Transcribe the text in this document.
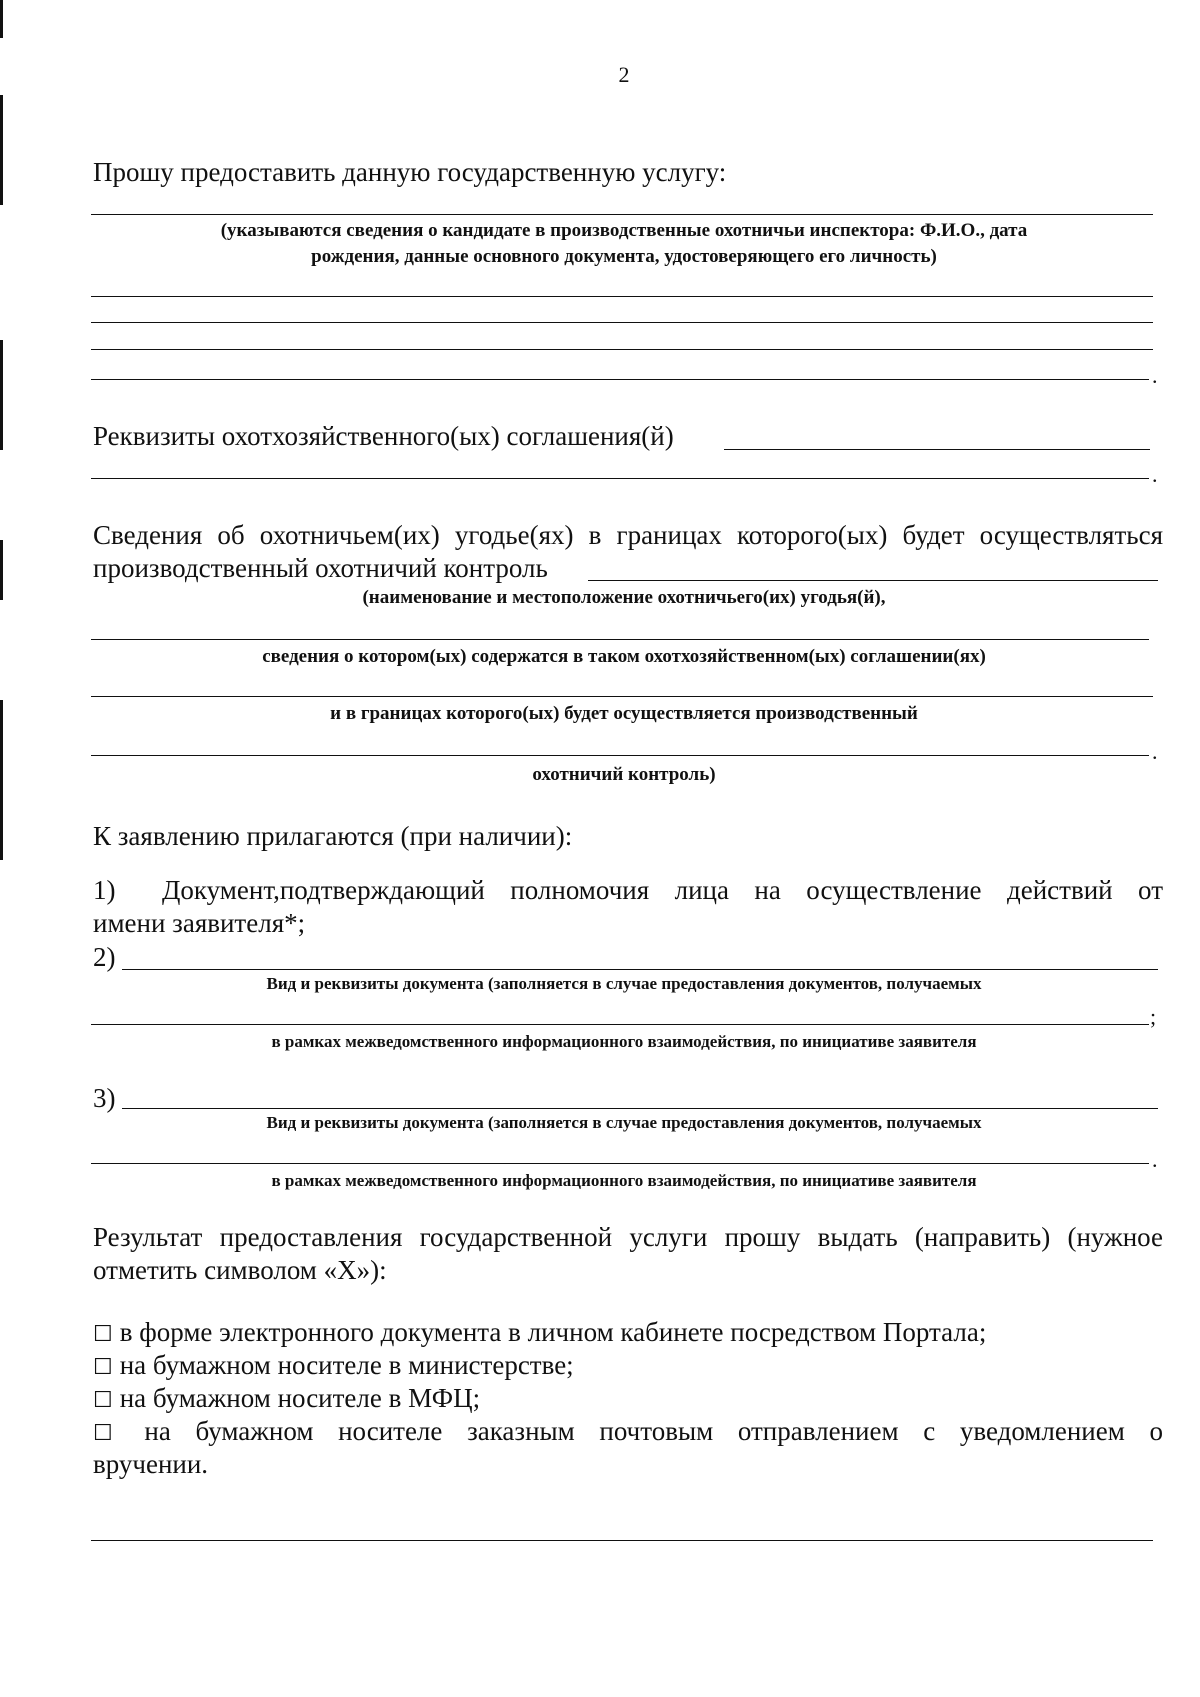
2
Прошу предоставить данную государственную услугу:
(указываются сведения о кандидате в производственные охотничьи инспектора: Ф.И.О., дата
рождения, данные основного документа, удостоверяющего его личность)
.
Реквизиты охотхозяйственного(ых) соглашения(й)
.
Сведения об охотничьем(их) угодье(ях) в границах которого(ых) будет осуществляться
производственный охотничий контроль
(наименование и местоположение охотничьего(их) угодья(й),
сведения о котором(ых) содержатся в таком охотхозяйственном(ых) соглашении(ях)
и в границах которого(ых) будет осуществляется производственный
.
охотничий контроль)
К заявлению прилагаются (при наличии):
1) Документ,подтверждающий полномочия лица на осуществление действий от
имени заявителя*;
2)
Вид и реквизиты документа (заполняется в случае предоставления документов, получаемых
;
в рамках межведомственного информационного взаимодействия, по инициативе заявителя
3)
Вид и реквизиты документа (заполняется в случае предоставления документов, получаемых
.
в рамках межведомственного информационного взаимодействия, по инициативе заявителя
Результат предоставления государственной услуги прошу выдать (направить) (нужное
отметить символом «Х»):
☐ в форме электронного документа в личном кабинете посредством Портала;
☐ на бумажном носителе в министерстве;
☐ на бумажном носителе в МФЦ;
☐ на бумажном носителе заказным почтовым отправлением с уведомлением о
вручении.
